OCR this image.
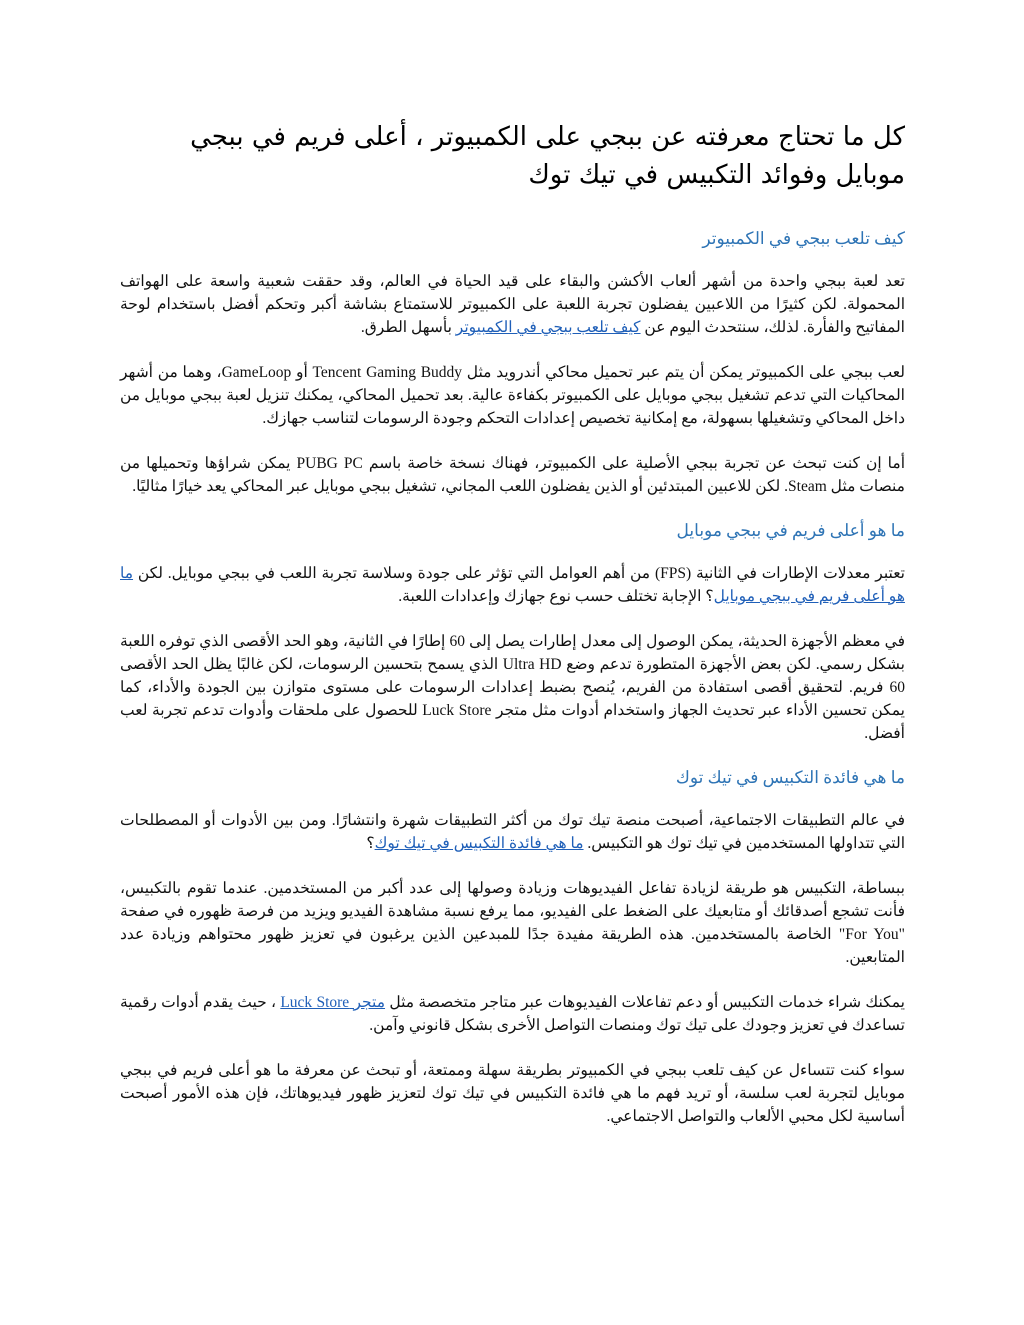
كل ما تحتاج معرفته عن ببجي على الكمبيوتر ، أعلى فريم في ببجي موبايل وفوائد التكبيس في تيك توك
كيف تلعب ببجي في الكمبيوتر

تعد لعبة ببجي واحدة من أشهر ألعاب الأكشن والبقاء على قيد الحياة في العالم، وقد حققت شعبية واسعة على الهواتف المحمولة. لكن كثيرًا من اللاعبين يفضلون تجربة اللعبة على الكمبيوتر للاستمتاع بشاشة أكبر وتحكم أفضل باستخدام لوحة المفاتيح والفأرة. لذلك، سنتحدث اليوم عن كيف تلعب ببجي في الكمبيوتر بأسهل الطرق.

لعب ببجي على الكمبيوتر يمكن أن يتم عبر تحميل محاكي أندرويد مثل Tencent Gaming Buddy أو GameLoop، وهما من أشهر المحاكيات التي تدعم تشغيل ببجي موبايل على الكمبيوتر بكفاءة عالية. بعد تحميل المحاكي، يمكنك تنزيل لعبة ببجي موبايل من داخل المحاكي وتشغيلها بسهولة، مع إمكانية تخصيص إعدادات التحكم وجودة الرسومات لتناسب جهازك.

أما إن كنت تبحث عن تجربة ببجي الأصلية على الكمبيوتر، فهناك نسخة خاصة باسم PUBG PC يمكن شراؤها وتحميلها من منصات مثل Steam. لكن للاعبين المبتدئين أو الذين يفضلون اللعب المجاني، تشغيل ببجي موبايل عبر المحاكي يعد خيارًا مثاليًا.

ما هو أعلى فريم في ببجي موبايل

تعتبر معدلات الإطارات في الثانية (FPS) من أهم العوامل التي تؤثر على جودة وسلاسة تجربة اللعب في ببجي موبايل. لكن ما هو أعلى فريم في ببجي موبايل؟ الإجابة تختلف حسب نوع جهازك وإعدادات اللعبة.

في معظم الأجهزة الحديثة، يمكن الوصول إلى معدل إطارات يصل إلى 60 إطارًا في الثانية، وهو الحد الأقصى الذي توفره اللعبة بشكل رسمي. لكن بعض الأجهزة المتطورة تدعم وضع Ultra HD الذي يسمح بتحسين الرسومات، لكن غالبًا يظل الحد الأقصى 60 فريم. لتحقيق أقصى استفادة من الفريم، يُنصح بضبط إعدادات الرسومات على مستوى متوازن بين الجودة والأداء، كما يمكن تحسين الأداء عبر تحديث الجهاز واستخدام أدوات مثل متجر Luck Store للحصول على ملحقات وأدوات تدعم تجربة لعب أفضل.

ما هي فائدة التكبيس في تيك توك

في عالم التطبيقات الاجتماعية، أصبحت منصة تيك توك من أكثر التطبيقات شهرة وانتشارًا. ومن بين الأدوات أو المصطلحات التي تتداولها المستخدمين في تيك توك هو التكبيس. ما هي فائدة التكبيس في تيك توك؟

ببساطة، التكبيس هو طريقة لزيادة تفاعل الفيديوهات وزيادة وصولها إلى عدد أكبر من المستخدمين. عندما تقوم بالتكبيس، فأنت تشجع أصدقائك أو متابعيك على الضغط على الفيديو، مما يرفع نسبة مشاهدة الفيديو ويزيد من فرصة ظهوره في صفحة "For You" الخاصة بالمستخدمين. هذه الطريقة مفيدة جدًا للمبدعين الذين يرغبون في تعزيز ظهور محتواهم وزيادة عدد المتابعين.

يمكنك شراء خدمات التكبيس أو دعم تفاعلات الفيديوهات عبر متاجر متخصصة مثل متجر Luck Store ، حيث يقدم أدوات رقمية تساعدك في تعزيز وجودك على تيك توك ومنصات التواصل الأخرى بشكل قانوني وآمن.

سواء كنت تتساءل عن كيف تلعب ببجي في الكمبيوتر بطريقة سهلة وممتعة، أو تبحث عن معرفة ما هو أعلى فريم في ببجي موبايل لتجربة لعب سلسة، أو تريد فهم ما هي فائدة التكبيس في تيك توك لتعزيز ظهور فيديوهاتك، فإن هذه الأمور أصبحت أساسية لكل محبي الألعاب والتواصل الاجتماعي.
